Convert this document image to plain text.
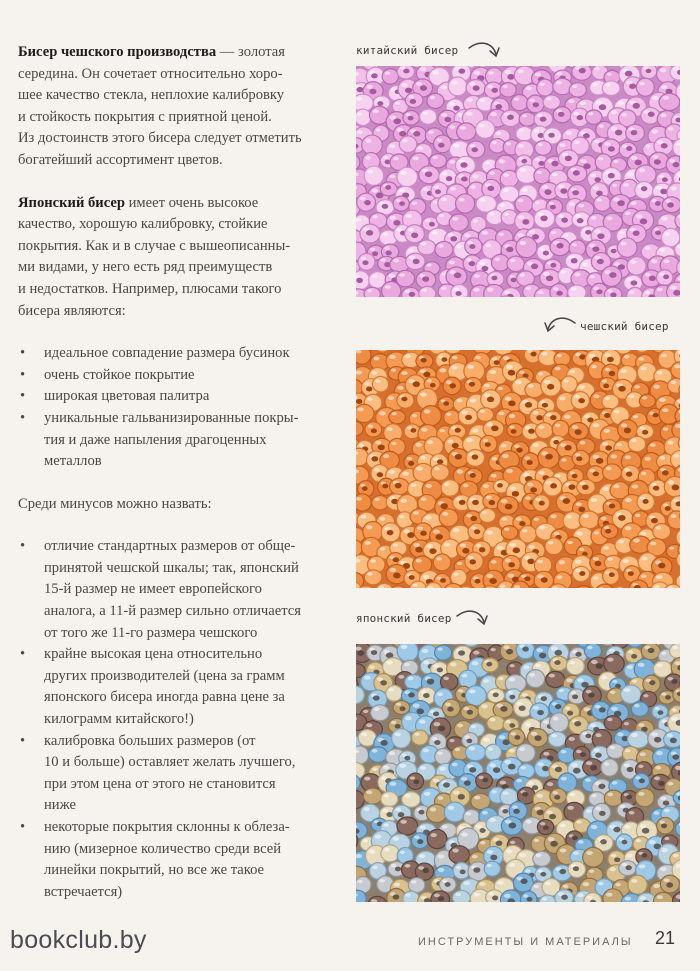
Бисер чешского производства — золотая
середина. Он сочетает относительно хоро-
шее качество стекла, неплохие калибровку
и стойкость покрытия с приятной ценой.
Из достоинств этого бисера следует отметить
богатейший ассортимент цветов.

Японский бисер имеет очень высокое
качество, хорошую калибровку, стойкие
покрытия. Как и в случае с вышеописанны-
ми видами, у него есть ряд преимуществ
и недостатков. Например, плюсами такого
бисера являются:

• идеальное совпадение размера бусинок
• очень стойкое покрытие
• широкая цветовая палитра
• уникальные гальванизированные покры-
тия и даже напыления драгоценных
металлов

Среди минусов можно назвать:

• отличие стандартных размеров от обще-
принятой чешской шкалы; так, японский
15-й размер не имеет европейского
аналога, а 11-й размер сильно отличается
от того же 11-го размера чешского
• крайне высокая цена относительно
других производителей (цена за грамм
японского бисера иногда равна цене за
килограмм китайского!)
• калибровка больших размеров (от
10 и больше) оставляет желать лучшего,
при этом цена от этого не становится
ниже
• некоторые покрытия склонны к облеза-
нию (мизерное количество среди всей
линейки покрытий, но все же такое
встречается)
китайский бисер
чешский бисер
японский бисер
bookclub.by	ИНСТРУМЕНТЫ И МАТЕРИАЛЫ 21
